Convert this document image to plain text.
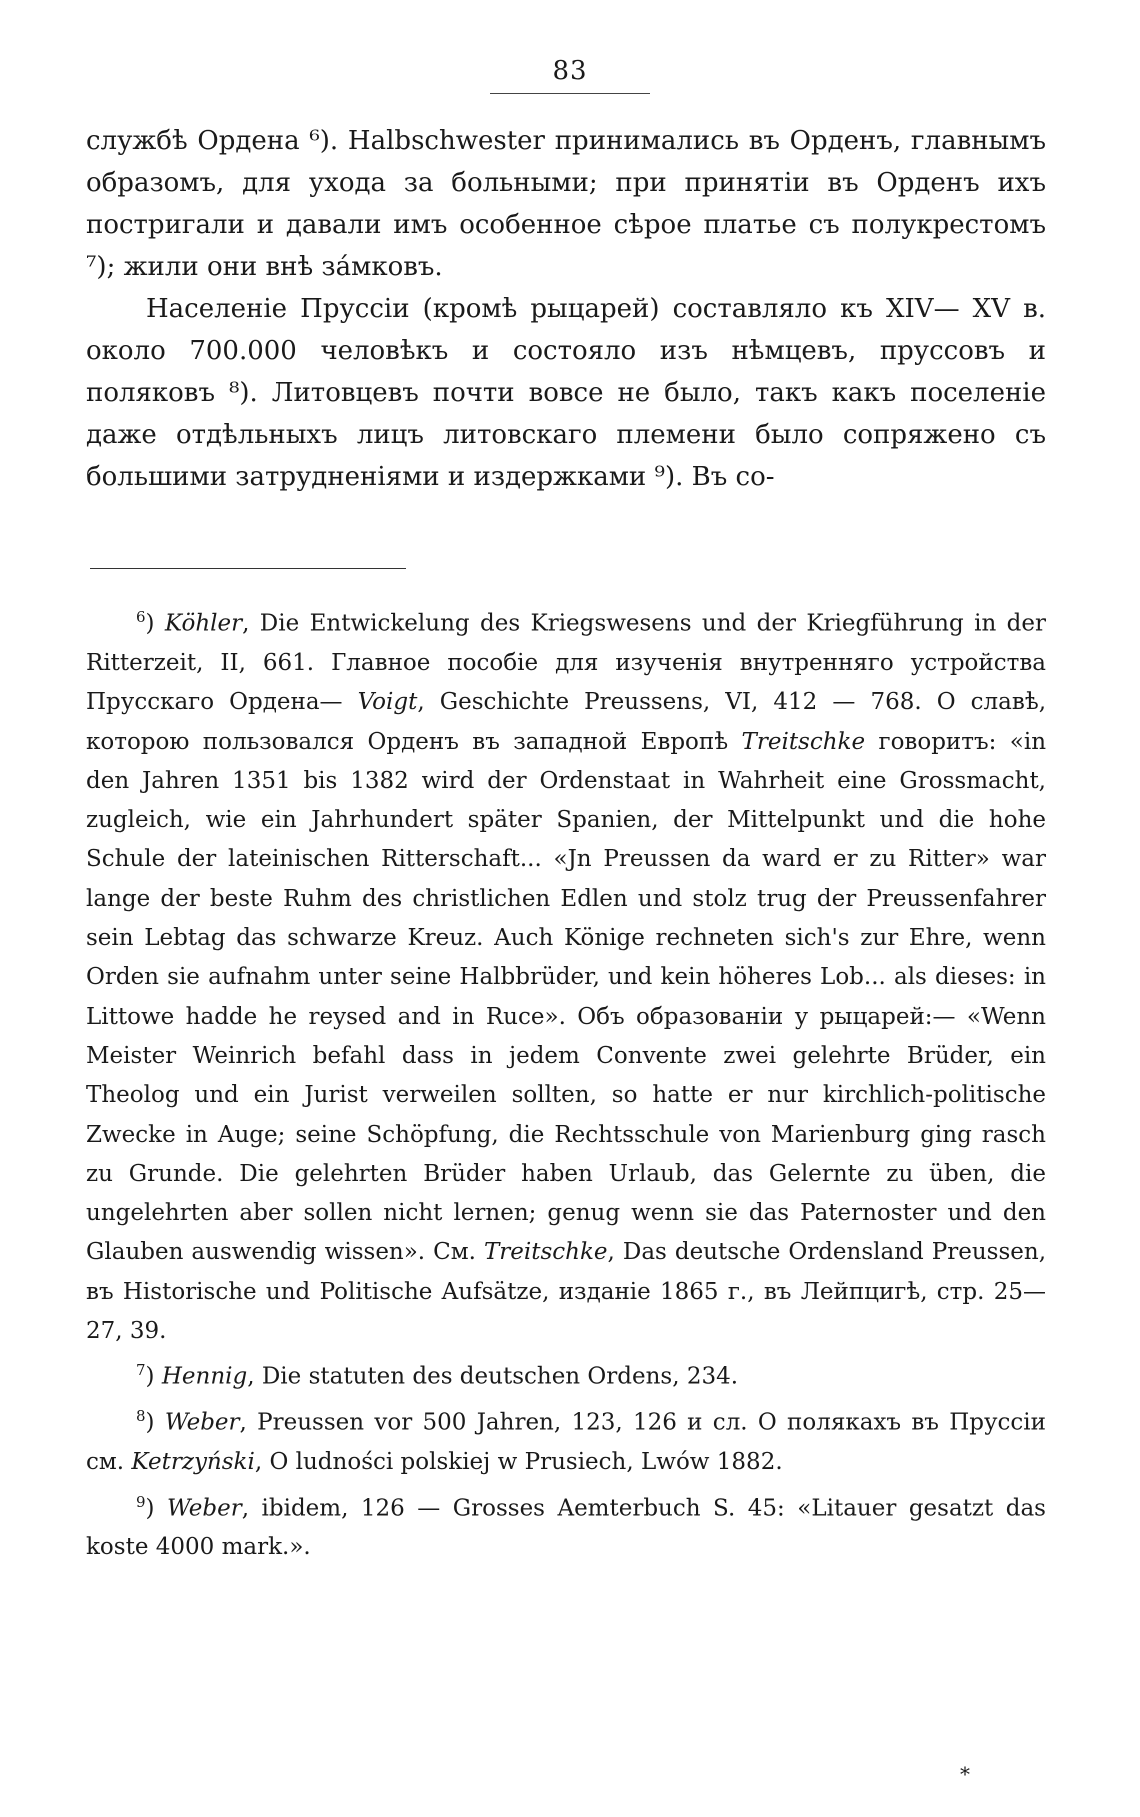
83

службѣ Ордена ⁶). Halbschwester принимались въ Орденъ, главнымъ образомъ, для ухода за больными; при принятіи въ Орденъ ихъ постригали и давали имъ особенное сѣрое платье съ полукрестомъ ⁷); жили они внѣ за́мковъ.

Населеніе Пруссіи (кромѣ рыцарей) составляло къ XIV— XV в. около 700.000 человѣкъ и состояло изъ нѣмцевъ, пруссовъ и поляковъ ⁸). Литовцевъ почти вовсе не было, такъ какъ поселеніе даже отдѣльныхъ лицъ литовскаго племени было сопряжено съ большими затрудненіями и издержками ⁹). Въ со-

$^6$) Köhler, Die Entwickelung des Kriegswesens und der Kriegführung in der Ritterzeit, II, 661. Главное пособіе для изученія внутренняго устройства Прусскаго Ордена— Voigt, Geschichte Preussens, VI, 412 — 768. О славѣ, которою пользовался Орденъ въ западной Европѣ Treitschke говоритъ: «in den Jahren 1351 bis 1382 wird der Ordenstaat in Wahrheit eine Grossmacht, zugleich, wie ein Jahrhundert später Spanien, der Mittelpunkt und die hohe Schule der lateinischen Ritterschaft... «Jn Preussen da ward er zu Ritter» war lange der beste Ruhm des christlichen Edlen und stolz trug der Preussenfahrer sein Lebtag das schwarze Kreuz. Auch Könige rechneten sich's zur Ehre, wenn Orden sie aufnahm unter seine Halbbrüder, und kein höheres Lob... als dieses: in Littowe hadde he reysed and in Ruce». Объ образованіи у рыцарей:— «Wenn Meister Weinrich befahl dass in jedem Convente zwei gelehrte Brüder, ein Theolog und ein Jurist verweilen sollten, so hatte er nur kirchlich-politische Zwecke in Auge; seine Schöpfung, die Rechtsschule von Marienburg ging rasch zu Grunde. Die gelehrten Brüder haben Urlaub, das Gelernte zu üben, die ungelehrten aber sollen nicht lernen; genug wenn sie das Paternoster und den Glauben auswendig wissen». См. Treitschke, Das deutsche Ordensland Preussen, въ Historische und Politische Aufsätze, изданіе 1865 г., въ Лейпцигѣ, стр. 25—27, 39.

$^7$) Hennig, Die statuten des deutschen Ordens, 234.

$^8$) Weber, Preussen vor 500 Jahren, 123, 126 и сл. О полякахъ въ Пруссіи см. Ketrzyński, O ludności polskiej w Prusiech, Lwów 1882.

$^9$) Weber, ibidem, 126 — Grosses Aemterbuch S. 45: «Litauer gesatzt das koste 4000 mark.».

*
